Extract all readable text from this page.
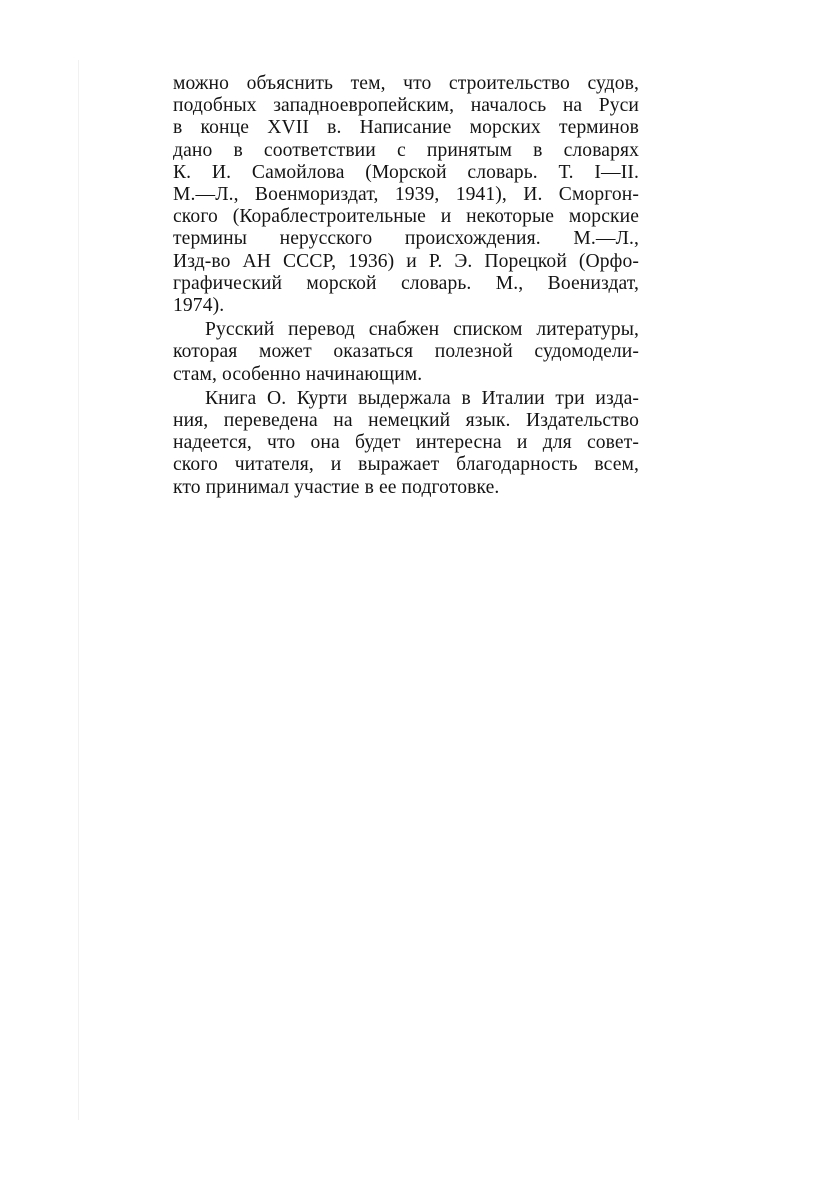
можно объяснить тем, что строительство судов,
подобных западноевропейским, началось на Руси
в конце XVII в. Написание морских терминов
дано в соответствии с принятым в словарях
К. И. Самойлова (Морской словарь. Т. I—II.
М.—Л., Военмориздат, 1939, 1941), И. Сморгон-
ского (Кораблестроительные и некоторые морские
термины нерусского происхождения. М.—Л.,
Изд-во АН СССР, 1936) и Р. Э. Порецкой (Орфо-
графический морской словарь. М., Воениздат,
1974).

Русский перевод снабжен списком литературы,
которая может оказаться полезной судомодели-
стам, особенно начинающим.

Книга О. Курти выдержала в Италии три изда-
ния, переведена на немецкий язык. Издательство
надеется, что она будет интересна и для совет-
ского читателя, и выражает благодарность всем,
кто принимал участие в ее подготовке.
